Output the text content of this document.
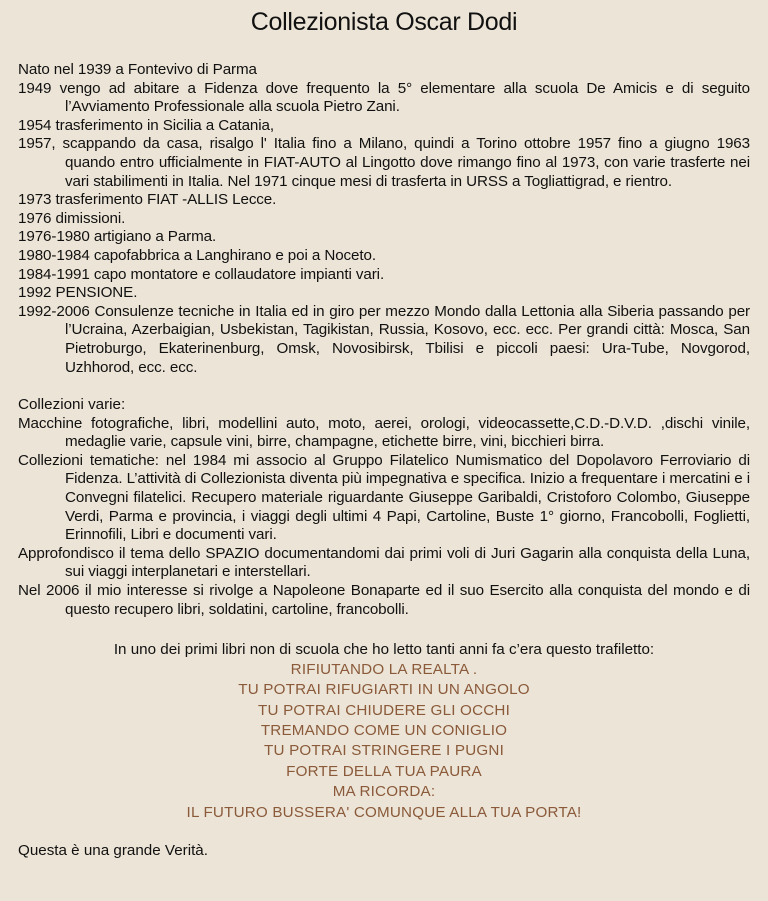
Collezionista Oscar Dodi
Nato nel 1939 a Fontevivo di Parma
1949 vengo ad abitare a Fidenza dove frequento la 5° elementare alla scuola De Amicis e di seguito l’Avviamento Professionale alla scuola Pietro Zani.
1954 trasferimento in Sicilia a Catania,
1957, scappando da casa, risalgo l' Italia fino a Milano, quindi a Torino ottobre 1957 fino a giugno 1963 quando entro ufficialmente in FIAT-AUTO al Lingotto dove rimango fino al 1973, con varie trasferte nei vari stabilimenti in Italia. Nel 1971 cinque mesi di trasferta in URSS a Togliattigrad, e rientro.
1973 trasferimento FIAT -ALLIS Lecce.
1976 dimissioni.
1976-1980 artigiano a Parma.
1980-1984 capofabbrica a Langhirano e poi a Noceto.
1984-1991 capo montatore e collaudatore impianti vari.
1992 PENSIONE.
1992-2006 Consulenze tecniche in Italia ed in giro per mezzo Mondo dalla Lettonia alla Siberia passando per l’Ucraina, Azerbaigian, Usbekistan, Tagikistan, Russia, Kosovo, ecc. ecc. Per grandi città: Mosca, San Pietroburgo, Ekaterinenburg, Omsk, Novosibirsk, Tbilisi e piccoli paesi: Ura-Tube, Novgorod, Uzhhorod, ecc. ecc.

Collezioni varie:

Macchine fotografiche, libri, modellini auto, moto, aerei, orologi, videocassette,C.D.-D.V.D. ,dischi vinile, medaglie varie, capsule vini, birre, champagne, etichette birre, vini, bicchieri birra.
Collezioni tematiche: nel 1984 mi associo al Gruppo Filatelico Numismatico del Dopolavoro Ferroviario di Fidenza. L’attività di Collezionista diventa più impegnativa e specifica. Inizio a frequentare i mercatini e i Convegni filatelici. Recupero materiale riguardante Giuseppe Garibaldi, Cristoforo Colombo, Giuseppe Verdi, Parma e provincia, i viaggi degli ultimi 4 Papi, Cartoline, Buste 1° giorno, Francobolli, Foglietti, Erinnofili, Libri e documenti vari.
Approfondisco il tema dello SPAZIO documentandomi dai primi voli di Juri Gagarin alla conquista della Luna, sui viaggi interplanetari e interstellari.
Nel 2006 il mio interesse si rivolge a Napoleone Bonaparte ed il suo Esercito alla conquista del mondo e di questo recupero libri, soldatini, cartoline, francobolli.

In uno dei primi libri non di scuola che ho letto tanti anni fa c’era questo trafiletto:

RIFIUTANDO LA REALTA .
TU POTRAI RIFUGIARTI IN UN ANGOLO
TU POTRAI CHIUDERE GLI OCCHI
TREMANDO COME UN CONIGLIO
TU POTRAI STRINGERE I PUGNI
FORTE DELLA TUA PAURA
MA RICORDA:
IL FUTURO BUSSERA' COMUNQUE ALLA TUA PORTA!

Questa è una grande Verità.
